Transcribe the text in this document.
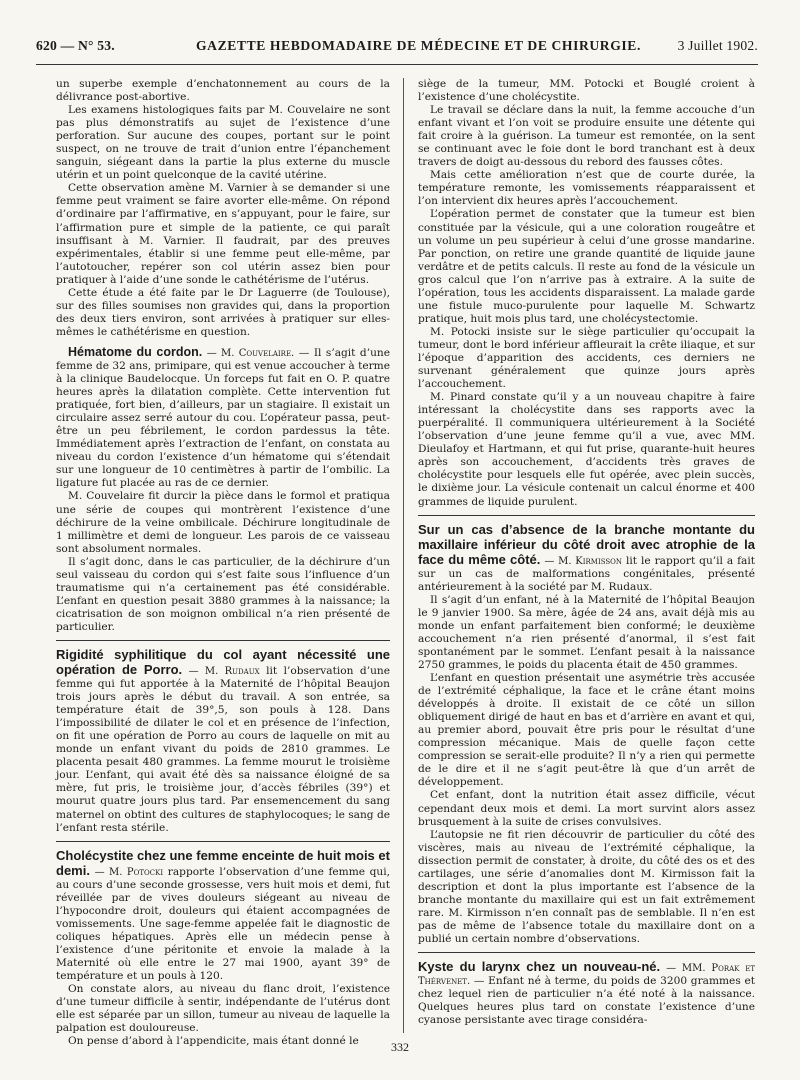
620 — N° 53.	GAZETTE HEBDOMADAIRE DE MÉDECINE ET DE CHIRURGIE.	3 Juillet 1902.

un superbe exemple d’enchatonnement au cours de la délivrance post-abortive.

Les examens histologiques faits par M. Couvelaire ne sont pas plus démonstratifs au sujet de l’existence d’une perforation. Sur aucune des coupes, portant sur le point suspect, on ne trouve de trait d’union entre l’épanchement sanguin, siégeant dans la partie la plus externe du muscle utérin et un point quelconque de la cavité utérine.

Cette observation amène M. Varnier à se demander si une femme peut vraiment se faire avorter elle-même. On répond d’ordinaire par l’affirmative, en s’appuyant, pour le faire, sur l’affirmation pure et simple de la patiente, ce qui paraît insuffisant à M. Varnier. Il faudrait, par des preuves expérimentales, établir si une femme peut elle-même, par l’autotoucher, repérer son col utérin assez bien pour pratiquer à l’aide d’une sonde le cathétérisme de l’utérus.

Cette étude a été faite par le Dr Laguerre (de Toulouse), sur des filles soumises non gravides qui, dans la proportion des deux tiers environ, sont arrivées à pratiquer sur elles-mêmes le cathétérisme en question.

Hématome du cordon. — M. Couvelaire. — Il s’agit d’une femme de 32 ans, primipare, qui est venue accoucher à terme à la clinique Baudelocque. Un forceps fut fait en O. P. quatre heures après la dilatation complète. Cette intervention fut pratiquée, fort bien, d’ailleurs, par un stagiaire. Il existait un circulaire assez serré autour du cou. L’opérateur passa, peut-être un peu fébrilement, le cordon pardessus la tête. Immédiatement après l’extraction de l’enfant, on constata au niveau du cordon l’existence d’un hématome qui s’étendait sur une longueur de 10 centimètres à partir de l’ombilic. La ligature fut placée au ras de ce dernier.

M. Couvelaire fit durcir la pièce dans le formol et pratiqua une série de coupes qui montrèrent l’existence d’une déchirure de la veine ombilicale. Déchirure longitudinale de 1 millimètre et demi de longueur. Les parois de ce vaisseau sont absolument normales.

Il s’agit donc, dans le cas particulier, de la déchirure d’un seul vaisseau du cordon qui s’est faite sous l’influence d’un traumatisme qui n’a certainement pas été considérable. L’enfant en question pesait 3880 grammes à la naissance; la cicatrisation de son moignon ombilical n’a rien présenté de particulier.

Rigidité syphilitique du col ayant nécessité une opération de Porro. — M. Rudaux lit l’observation d’une femme qui fut apportée à la Maternité de l’hôpital Beaujon trois jours après le début du travail. A son entrée, sa température était de 39°,5, son pouls à 128. Dans l’impossibilité de dilater le col et en présence de l’infection, on fit une opération de Porro au cours de laquelle on mit au monde un enfant vivant du poids de 2810 grammes. Le placenta pesait 480 grammes. La femme mourut le troisième jour. L’enfant, qui avait été dès sa naissance éloigné de sa mère, fut pris, le troisième jour, d’accès fébriles (39°) et mourut quatre jours plus tard. Par ensemencement du sang maternel on obtint des cultures de staphylocoques; le sang de l’enfant resta stérile.

Cholécystite chez une femme enceinte de huit mois et demi. — M. Potocki rapporte l’observation d’une femme qui, au cours d’une seconde grossesse, vers huit mois et demi, fut réveillée par de vives douleurs siégeant au niveau de l’hypocondre droit, douleurs qui étaient accompagnées de vomissements. Une sage-femme appelée fait le diagnostic de coliques hépatiques. Après elle un médecin pense à l’existence d’une péritonite et envoie la malade à la Maternité où elle entre le 27 mai 1900, ayant 39° de température et un pouls à 120.

On constate alors, au niveau du flanc droit, l’existence d’une tumeur difficile à sentir, indépendante de l’utérus dont elle est séparée par un sillon, tumeur au niveau de laquelle la palpation est douloureuse.

On pense d’abord à l’appendicite, mais étant donné le

siège de la tumeur, MM. Potocki et Bouglé croient à l’existence d’une cholécystite.

Le travail se déclare dans la nuit, la femme accouche d’un enfant vivant et l’on voit se produire ensuite une détente qui fait croire à la guérison. La tumeur est remontée, on la sent se continuant avec le foie dont le bord tranchant est à deux travers de doigt au-dessous du rebord des fausses côtes.

Mais cette amélioration n’est que de courte durée, la température remonte, les vomissements réapparaissent et l’on intervient dix heures après l’accouchement.

L’opération permet de constater que la tumeur est bien constituée par la vésicule, qui a une coloration rougeâtre et un volume un peu supérieur à celui d’une grosse mandarine. Par ponction, on retire une grande quantité de liquide jaune verdâtre et de petits calculs. Il reste au fond de la vésicule un gros calcul que l’on n’arrive pas à extraire. A la suite de l’opération, tous les accidents disparaissent. La malade garde une fistule muco-purulente pour laquelle M. Schwartz pratique, huit mois plus tard, une cholécystectomie.

M. Potocki insiste sur le siège particulier qu’occupait la tumeur, dont le bord inférieur affleurait la crête iliaque, et sur l’époque d’apparition des accidents, ces derniers ne survenant généralement que quinze jours après l’accouchement.

M. Pinard constate qu’il y a un nouveau chapitre à faire intéressant la cholécystite dans ses rapports avec la puerpéralité. Il communiquera ultérieurement à la Société l’observation d’une jeune femme qu’il a vue, avec MM. Dieulafoy et Hartmann, et qui fut prise, quarante-huit heures après son accouchement, d’accidents très graves de cholécystite pour lesquels elle fut opérée, avec plein succès, le dixième jour. La vésicule contenait un calcul énorme et 400 grammes de liquide purulent.

Sur un cas d’absence de la branche montante du maxillaire inférieur du côté droit avec atrophie de la face du même côté. — M. Kirmisson lit le rapport qu’il a fait sur un cas de malformations congénitales, présenté antérieurement à la société par M. Rudaux.

Il s’agit d’un enfant, né à la Maternité de l’hôpital Beaujon le 9 janvier 1900. Sa mère, âgée de 24 ans, avait déjà mis au monde un enfant parfaitement bien conformé; le deuxième accouchement n’a rien présenté d’anormal, il s’est fait spontanément par le sommet. L’enfant pesait à la naissance 2750 grammes, le poids du placenta était de 450 grammes.

L’enfant en question présentait une asymétrie très accusée de l’extrémité céphalique, la face et le crâne étant moins développés à droite. Il existait de ce côté un sillon obliquement dirigé de haut en bas et d’arrière en avant et qui, au premier abord, pouvait être pris pour le résultat d’une compression mécanique. Mais de quelle façon cette compression se serait-elle produite? Il n’y a rien qui permette de le dire et il ne s’agit peut-être là que d’un arrêt de développement.

Cet enfant, dont la nutrition était assez difficile, vécut cependant deux mois et demi. La mort survint alors assez brusquement à la suite de crises convulsives.

L’autopsie ne fit rien découvrir de particulier du côté des viscères, mais au niveau de l’extrémité céphalique, la dissection permit de constater, à droite, du côté des os et des cartilages, une série d’anomalies dont M. Kirmisson fait la description et dont la plus importante est l’absence de la branche montante du maxillaire qui est un fait extrêmement rare. M. Kirmisson n’en connaît pas de semblable. Il n’en est pas de même de l’absence totale du maxillaire dont on a publié un certain nombre d’observations.

Kyste du larynx chez un nouveau-né. — MM. Porak et Thérvenet. — Enfant né à terme, du poids de 3200 grammes et chez lequel rien de particulier n’a été noté à la naissance. Quelques heures plus tard on constate l’existence d’une cyanose persistante avec tirage considéra-

332
